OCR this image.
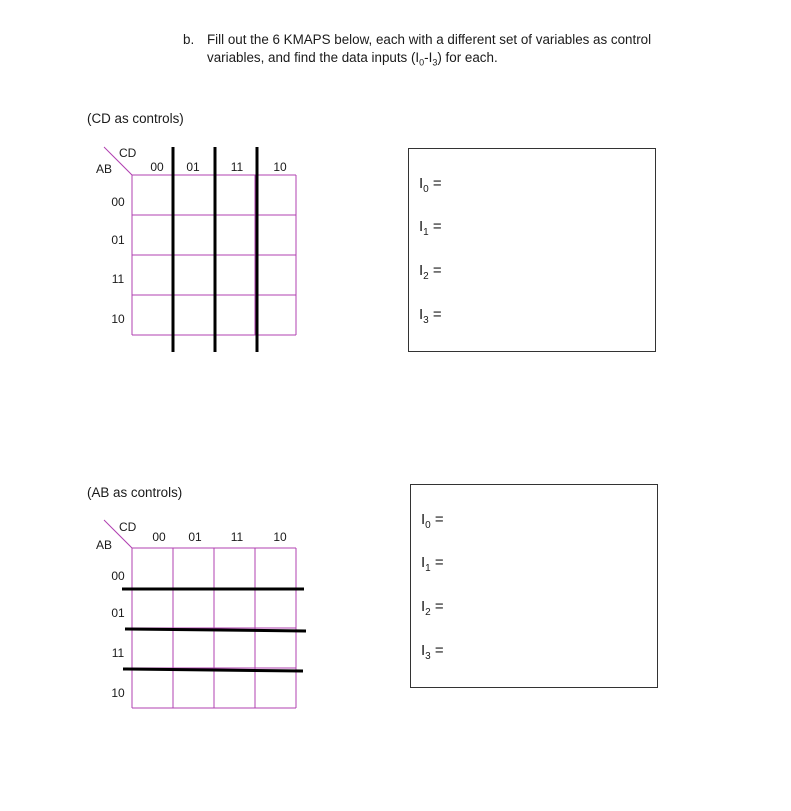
b. Fill out the 6 KMAPS below, each with a different set of variables as control
variables, and find the data inputs $(I_0-I_3)$ for each.
(CD as controls)
CD
AB	00 01	11	10
00
01
11
10
CD
AB
00 01 11	10
00
01
11
10
$I_0$ =
$I_1$ =
$I_2$ =
$I_3$ =
(AB as controls)
$I_0$ =
$I_1$ =
$I_2$ =
$I_3$ =
